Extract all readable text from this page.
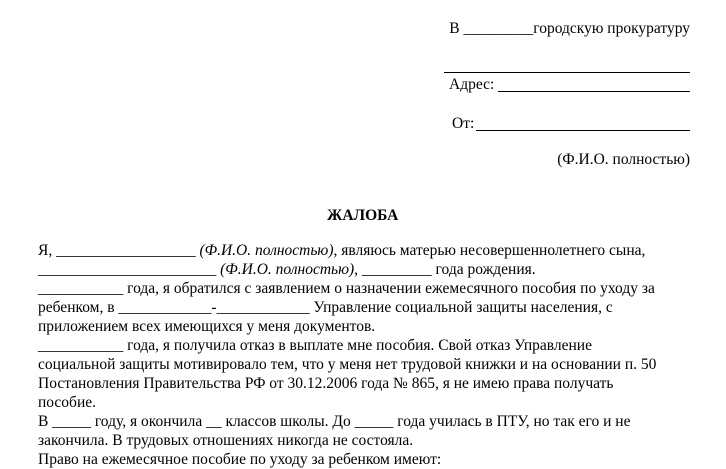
В _________городскую прокуратуру
Адрес:
От:
(Ф.И.О. полностью)
ЖАЛОБА
Я, __________________ (Ф.И.О. полностью), являюсь матерью несовершеннолетнего сына,
_______________________ (Ф.И.О. полностью), _________ года рождения.
___________ года, я обратился с заявлением о назначении ежемесячного пособия по уходу за
ребенком, в ____________-____________ Управление социальной защиты населения, с
приложением всех имеющихся у меня документов.
___________ года, я получила отказ в выплате мне пособия. Свой отказ Управление
социальной защиты мотивировало тем, что у меня нет трудовой книжки и на основании п. 50
Постановления Правительства РФ от 30.12.2006 года № 865, я не имею права получать
пособие.
В _____ году, я окончила __ классов школы. До _____ года училась в ПТУ, но так его и не
закончила. В трудовых отношениях никогда не состояла.
Право на ежемесячное пособие по уходу за ребенком имеют:
